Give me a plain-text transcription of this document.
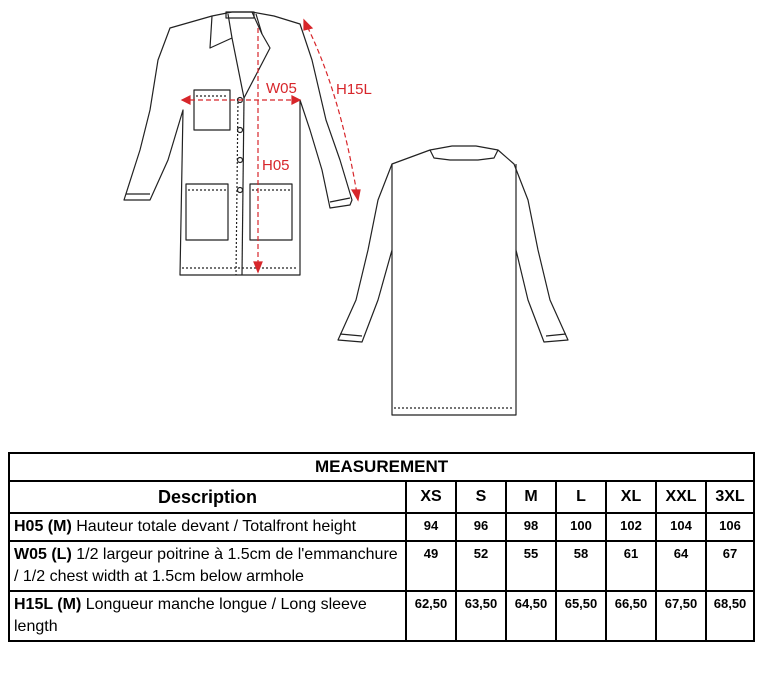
W05
H05
H15L
MEASUREMENT							
Description	XS	S	M	L	XL	XXL	3XL
H05 (M) Hauteur totale devant / Totalfront height	94	96	98	100	102	104	106
W05 (L) 1/2 largeur poitrine à 1.5cm de l'emmanchure / 1/2 chest width at 1.5cm below armhole	49	52	55	58	61	64	67
H15L (M) Longueur manche longue / Long sleeve length	62,50	63,50	64,50	65,50	66,50	67,50	68,50
